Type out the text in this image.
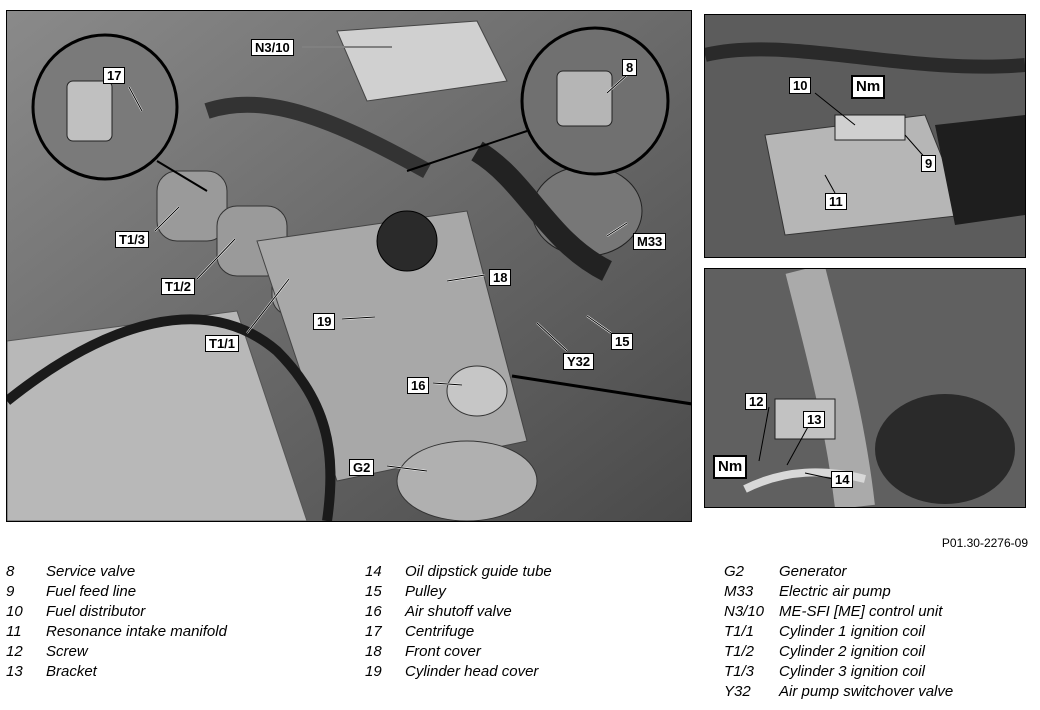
N3/10
17
8
T1/3
T1/2
T1/1
M33
18
19
15
Y32
16
G2
Nm
10
9
11
Nm
12
13
14
P01.30-2276-09
8	Service valve
9	Fuel feed line
10	Fuel distributor
11	Resonance intake manifold
12	Screw
13	Bracket
14	Oil dipstick guide tube
15	Pulley
16	Air shutoff valve
17	Centrifuge
18	Front cover
19	Cylinder head cover
G2	Generator
M33	Electric air pump
N3/10 ME-SFI [ME] control unit
T1/1	Cylinder 1 ignition coil
T1/2	Cylinder 2 ignition coil
T1/3	Cylinder 3 ignition coil
Y32	Air pump switchover valve
